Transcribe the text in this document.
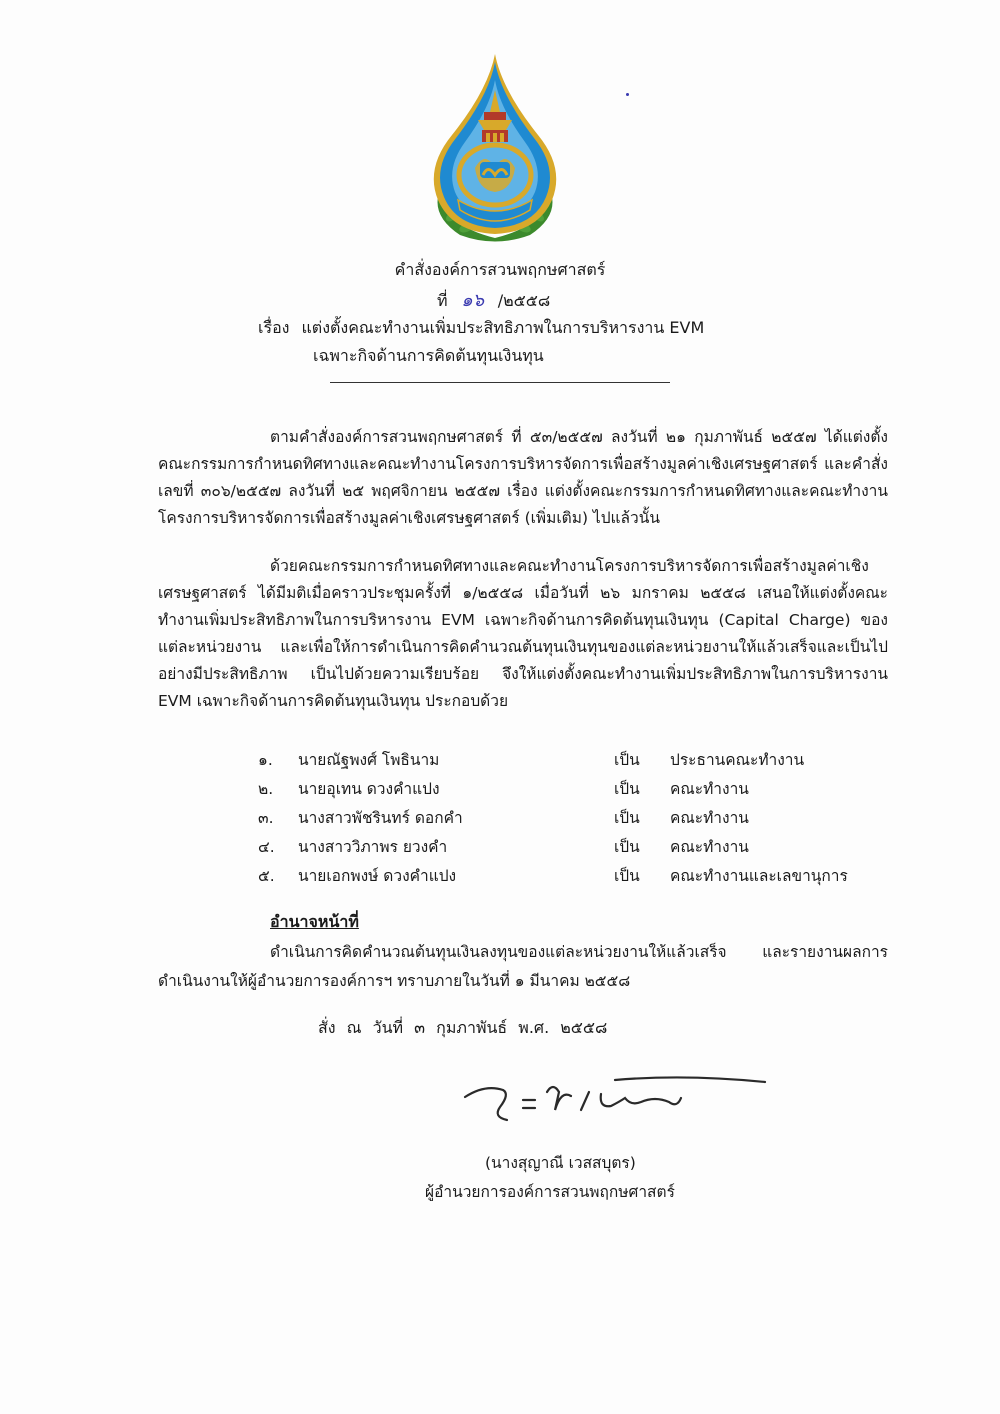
คำสั่งองค์การสวนพฤกษศาสตร์
ที่ ๑๖ /๒๕๕๘
เรื่อง แต่งตั้งคณะทำงานเพิ่มประสิทธิภาพในการบริหารงาน EVM
เฉพาะกิจด้านการคิดต้นทุนเงินทุน

ตามคำสั่งองค์การสวนพฤกษศาสตร์ ที่ ๕๓/๒๕๕๗ ลงวันที่ ๒๑ กุมภาพันธ์ ๒๕๕๗ ได้แต่งตั้งคณะกรรมการกำหนดทิศทางและคณะทำงานโครงการบริหารจัดการเพื่อสร้างมูลค่าเชิงเศรษฐศาสตร์ และคำสั่ง เลขที่ ๓๐๖/๒๕๕๗ ลงวันที่ ๒๕ พฤศจิกายน ๒๕๕๗ เรื่อง แต่งตั้งคณะกรรมการกำหนดทิศทางและคณะทำงานโครงการบริหารจัดการเพื่อสร้างมูลค่าเชิงเศรษฐศาสตร์ (เพิ่มเติม) ไปแล้วนั้น

ด้วยคณะกรรมการกำหนดทิศทางและคณะทำงานโครงการบริหารจัดการเพื่อสร้างมูลค่าเชิงเศรษฐศาสตร์ ได้มีมติเมื่อคราวประชุมครั้งที่ ๑/๒๕๕๘ เมื่อวันที่ ๒๖ มกราคม ๒๕๕๘ เสนอให้แต่งตั้งคณะทำงานเพิ่มประสิทธิภาพในการบริหารงาน EVM เฉพาะกิจด้านการคิดต้นทุนเงินทุน (Capital Charge) ของแต่ละหน่วยงาน และเพื่อให้การดำเนินการคิดคำนวณต้นทุนเงินทุนของแต่ละหน่วยงานให้แล้วเสร็จและเป็นไปอย่างมีประสิทธิภาพ เป็นไปด้วยความเรียบร้อย จึงให้แต่งตั้งคณะทำงานเพิ่มประสิทธิภาพในการบริหารงาน EVM เฉพาะกิจด้านการคิดต้นทุนเงินทุน ประกอบด้วย

๑.	นายณัฐพงศ์ โพธินาม	เป็น ประธานคณะทำงาน
๒.	นายอุเทน ดวงคำแปง	เป็น คณะทำงาน
๓.	นางสาวพัชรินทร์ ดอกคำ	เป็น คณะทำงาน
๔.	นางสาววิภาพร ยวงคำ	เป็น คณะทำงาน
๕.	นายเอกพงษ์ ดวงคำแปง	เป็น คณะทำงานและเลขานุการ
อำนาจหน้าที่

ดำเนินการคิดคำนวณต้นทุนเงินลงทุนของแต่ละหน่วยงานให้แล้วเสร็จ และรายงานผลการดำเนินงานให้ผู้อำนวยการองค์การฯ ทราบภายในวันที่ ๑ มีนาคม ๒๕๕๘

สั่ง ณ วันที่ ๓ กุมภาพันธ์ พ.ศ. ๒๕๕๘
(นางสุญาณี เวสสบุตร)
ผู้อำนวยการองค์การสวนพฤกษศาสตร์
